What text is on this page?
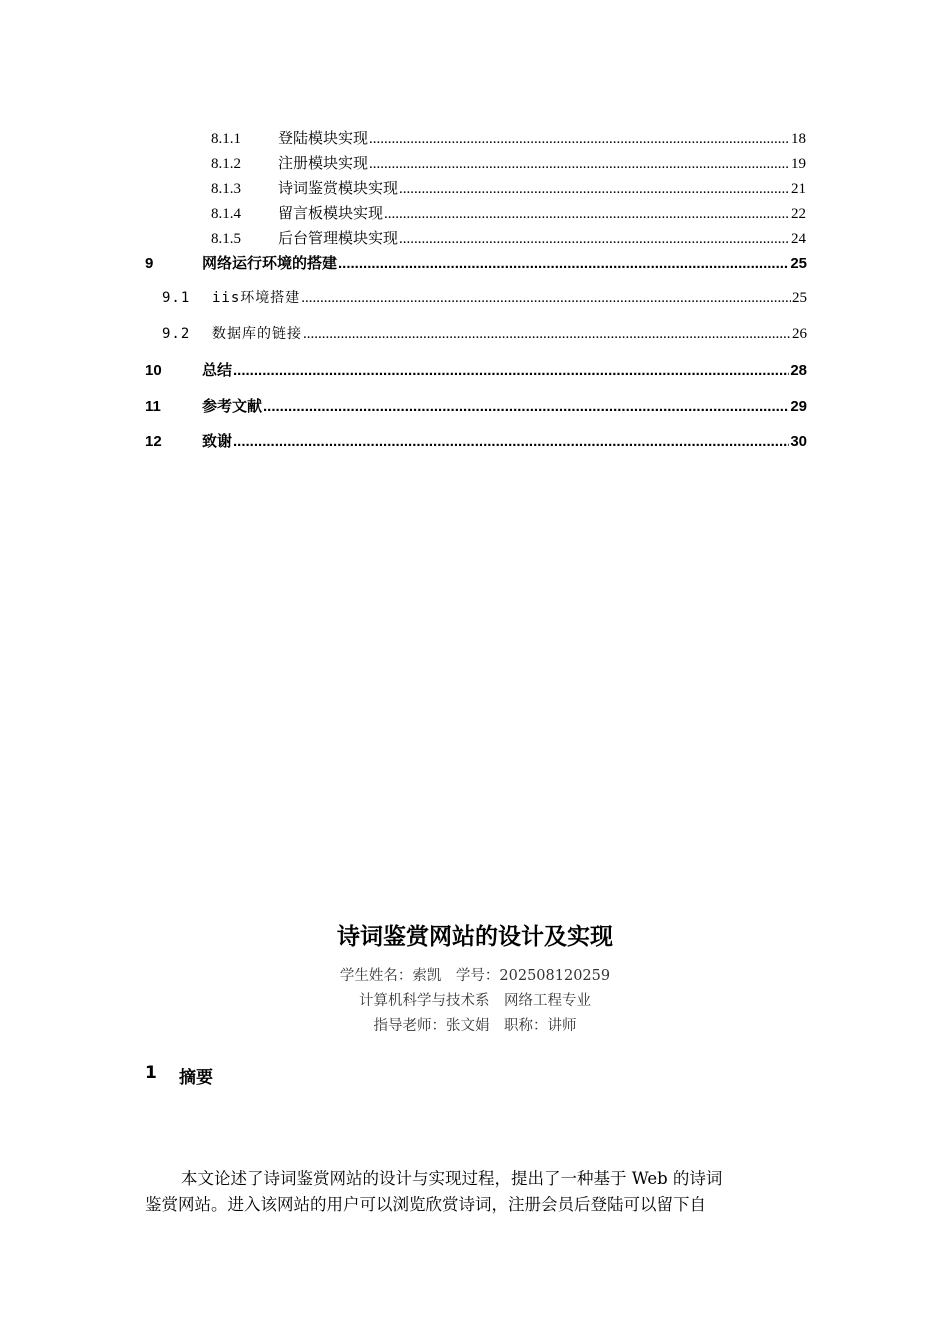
8.1.1	登陆模块实现 .....	18
8.1.2	注册模块实现 .....	19
8.1.3	诗词鉴赏模块实现 .....	21
8.1.4	留言板模块实现 .....	22
8.1.5	后台管理模块实现 .....	24
9	网络运行环境的搭建 .....	25
9.1	iis环境搭建 .....	25
9.2	数据库的链接 .....	26
10	总结 .....	28
11	参考文献 .....	29
12	致谢 .....	30
诗词鉴赏网站的设计及实现
学生姓名：索凯　学号：202508120259
计算机科学与技术系　网络工程专业
指导老师：张文娟　职称：讲师
1	摘要
本文论述了诗词鉴赏网站的设计与实现过程，提出了一种基于 Web 的诗词
鉴赏网站。进入该网站的用户可以浏览欣赏诗词，注册会员后登陆可以留下自
